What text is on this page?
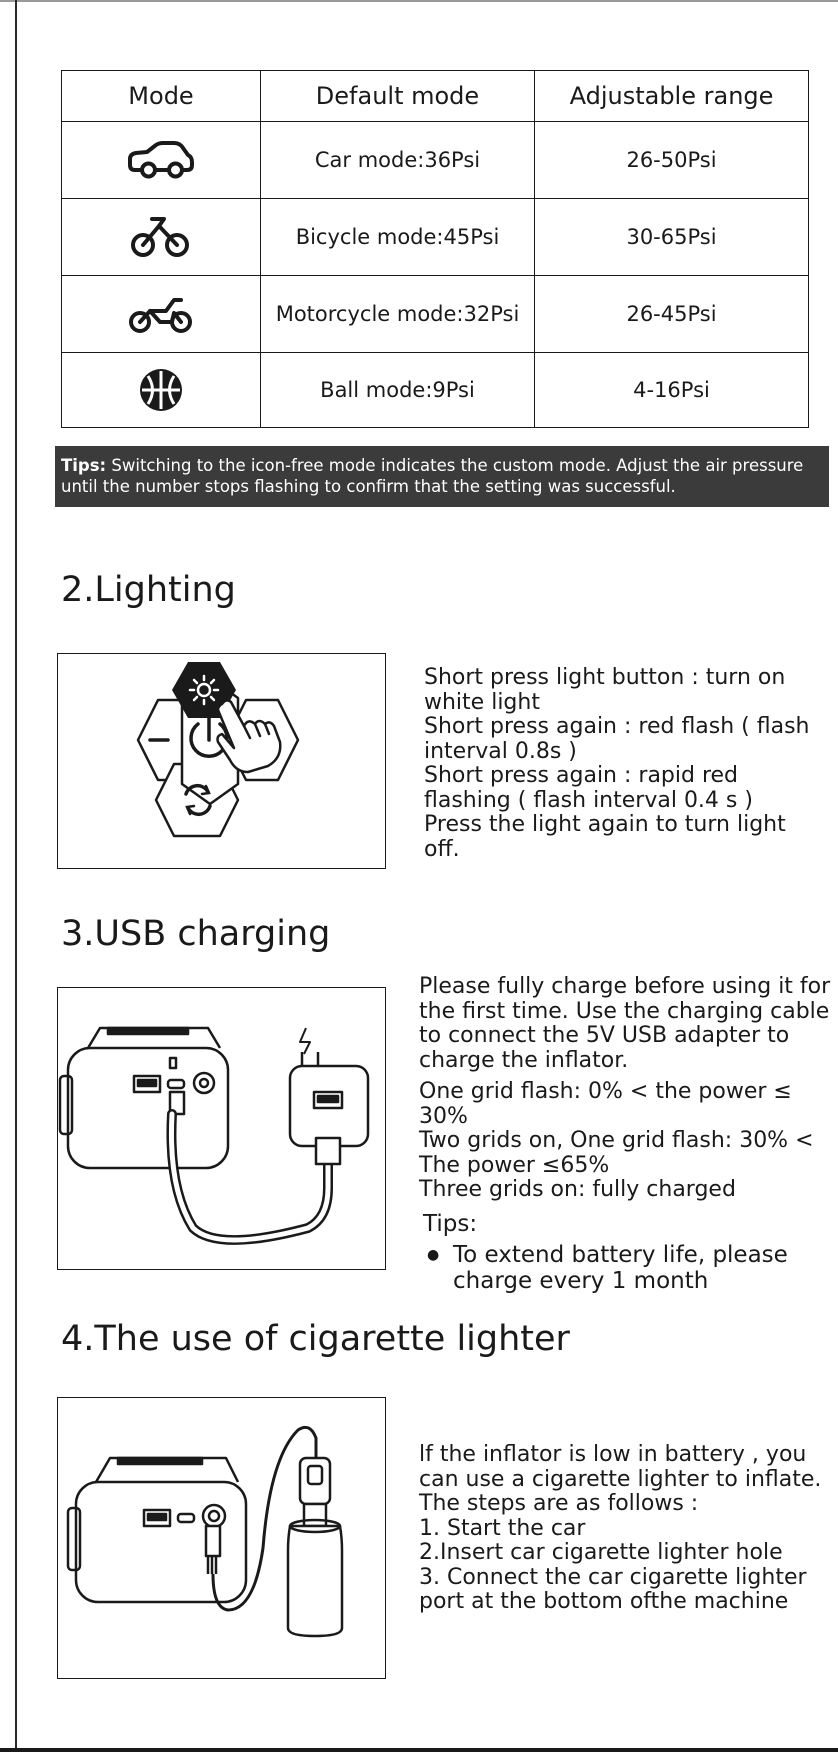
Mode	Default mode	Adjustable range

	Car mode:36Psi	26-50Psi

	Bicycle mode:45Psi	30-65Psi

	Motorcycle mode:32Psi	26-45Psi

	Ball mode:9Psi	4-16Psi
Tips: Switching to the icon-free mode indicates the custom mode. Adjust the air pressure until the number stops flashing to confirm that the setting was successful.
2.Lighting

Short press light button : turn on white light

Short press again : red flash ( flash interval 0.8s )

Short press again : rapid red flashing ( flash interval 0.4 s )

Press the light again to turn light off.

3.USB charging

Please fully charge before using it for the first time. Use the charging cable to connect the 5V USB adapter to charge the inflator.

One grid flash: 0% < the power ≤ 30%

Two grids on, One grid flash: 30% < The power ≤65%

Three grids on: fully charged

Tips:
● To extend battery life, please charge every 1 month
4.The use of cigarette lighter

lf the inflator is low in battery , you can use a cigarette lighter to inflate. The steps are as follows :

1. Start the car

2.Insert car cigarette lighter hole

3. Connect the car cigarette lighter port at the bottom ofthe machine
